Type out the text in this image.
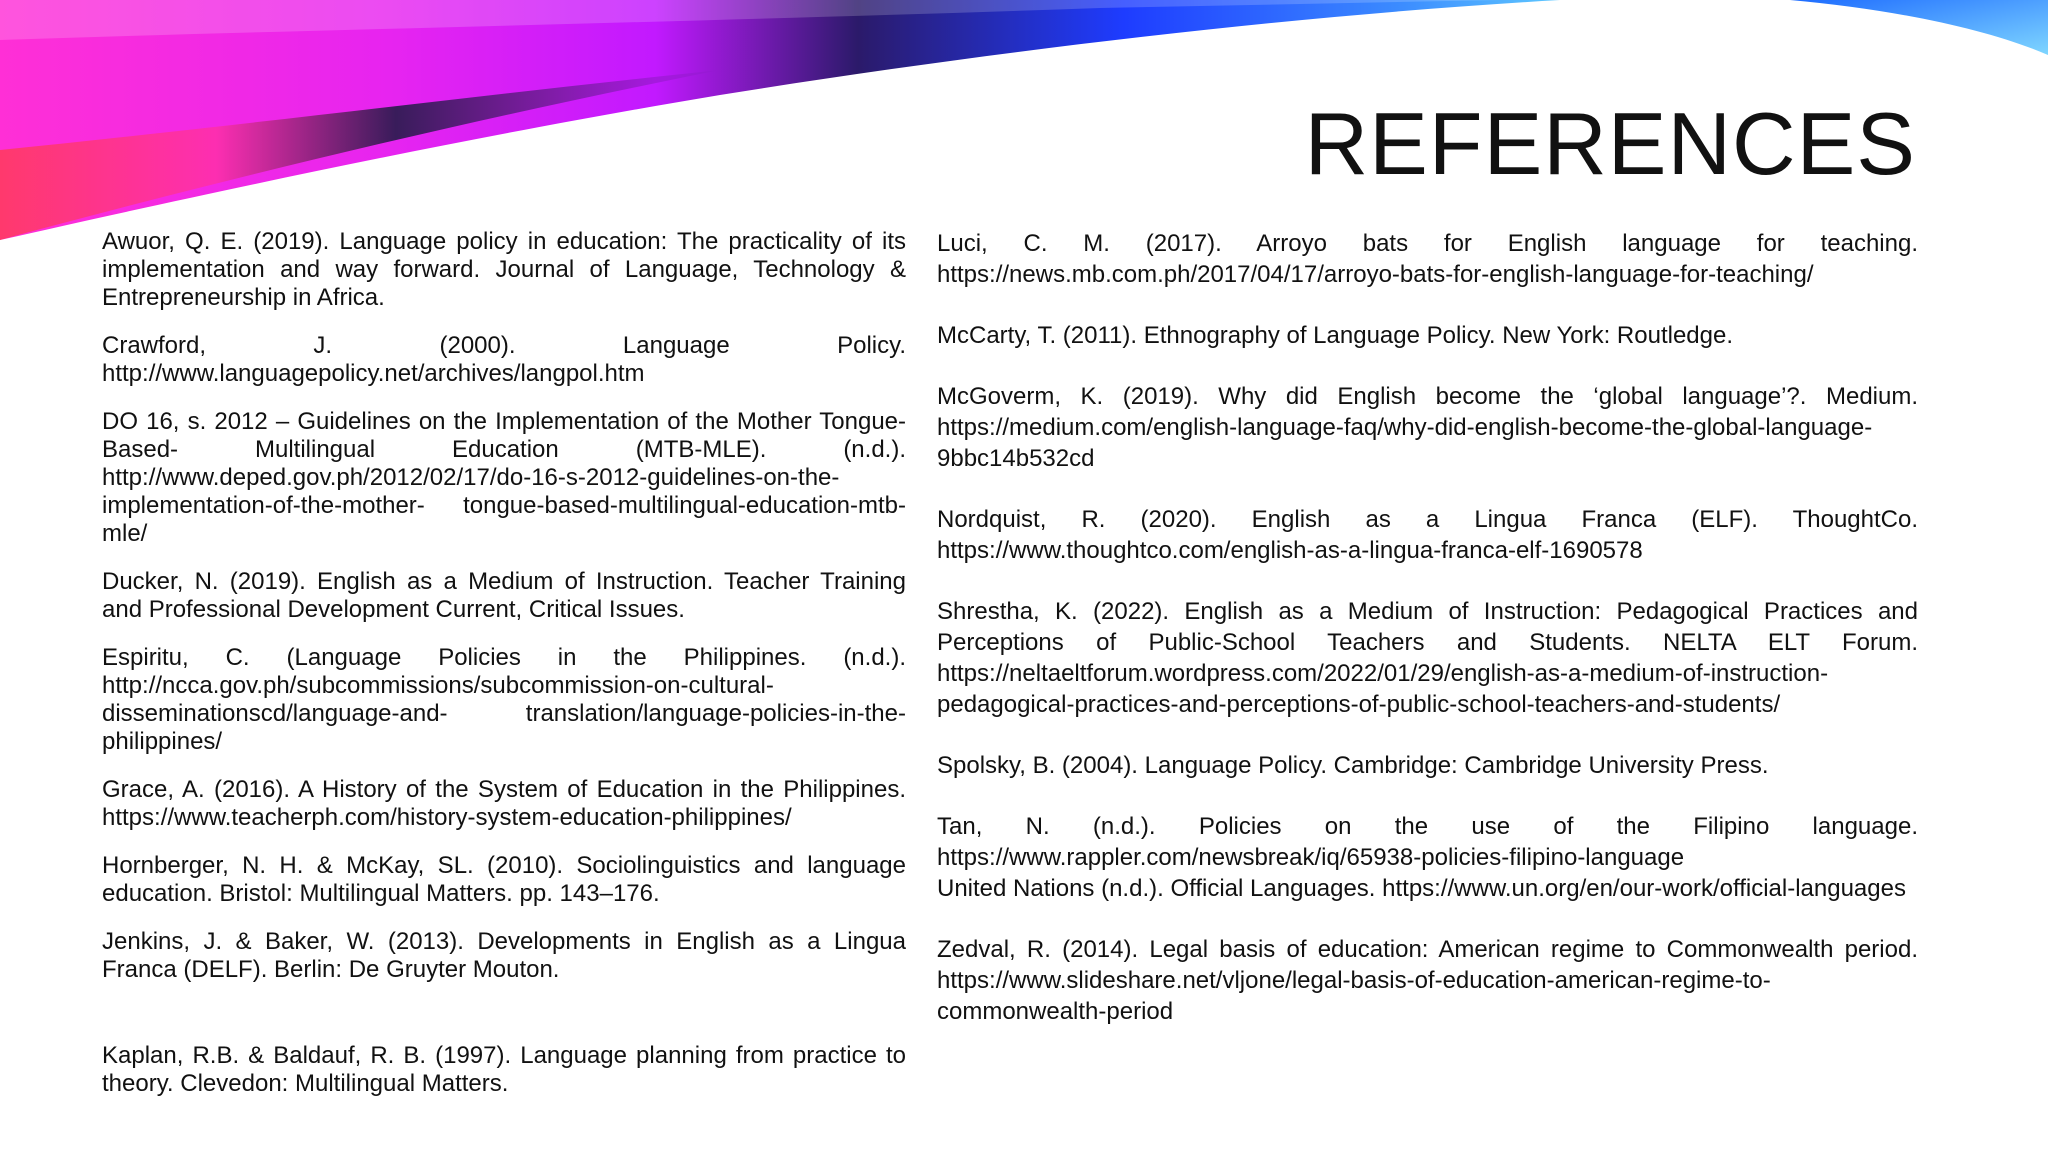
REFERENCES

Awuor, Q. E. (2019). Language policy in education: The practicality of its implementation and way forward. Journal of Language, Technology & Entrepreneurship in Africa.

Crawford, J. (2000). Language Policy. http://www.languagepolicy.net/archives/langpol.htm

DO 16, s. 2012 – Guidelines on the Implementation of the Mother Tongue-Based- Multilingual Education (MTB-MLE). (n.d.). http://www.deped.gov.ph/2012/02/17/do-16-s-2012-guidelines-on-the-implementation-of-the-mother- tongue-based-multilingual-education-mtb-mle/

Ducker, N. (2019). English as a Medium of Instruction. Teacher Training and Professional Development Current, Critical Issues.

Espiritu, C. (Language Policies in the Philippines. (n.d.). http://ncca.gov.ph/subcommissions/subcommission-on-cultural-disseminationscd/language-and- translation/language-policies-in-the-philippines/

Grace, A. (2016). A History of the System of Education in the Philippines. https://www.teacherph.com/history-system-education-philippines/

Hornberger, N. H. & McKay, SL. (2010). Sociolinguistics and language education. Bristol: Multilingual Matters. pp. 143–176.

Jenkins, J. & Baker, W. (2013). Developments in English as a Lingua Franca (DELF). Berlin: De Gruyter Mouton.

Kaplan, R.B. & Baldauf, R. B. (1997). Language planning from practice to theory. Clevedon: Multilingual Matters.

Luci, C. M. (2017). Arroyo bats for English language for teaching. https://news.mb.com.ph/2017/04/17/arroyo-bats-for-english-language-for-teaching/

McCarty, T. (2011). Ethnography of Language Policy. New York: Routledge.

McGoverm, K. (2019). Why did English become the ‘global language’?. Medium. https://medium.com/english-language-faq/why-did-english-become-the-global-language-9bbc14b532cd

Nordquist, R. (2020). English as a Lingua Franca (ELF). ThoughtCo. https://www.thoughtco.com/english-as-a-lingua-franca-elf-1690578

Shrestha, K. (2022). English as a Medium of Instruction: Pedagogical Practices and Perceptions of Public-School Teachers and Students. NELTA ELT Forum. https://neltaeltforum.wordpress.com/2022/01/29/english-as-a-medium-of-instruction-pedagogical-practices-and-perceptions-of-public-school-teachers-and-students/

Spolsky, B. (2004). Language Policy. Cambridge: Cambridge University Press.

Tan, N. (n.d.). Policies on the use of the Filipino language. https://www.rappler.com/newsbreak/iq/65938-policies-filipino-language

United Nations (n.d.). Official Languages. https://www.un.org/en/our-work/official-languages

Zedval, R. (2014). Legal basis of education: American regime to Commonwealth period. https://www.slideshare.net/vljone/legal-basis-of-education-american-regime-to-commonwealth-period
